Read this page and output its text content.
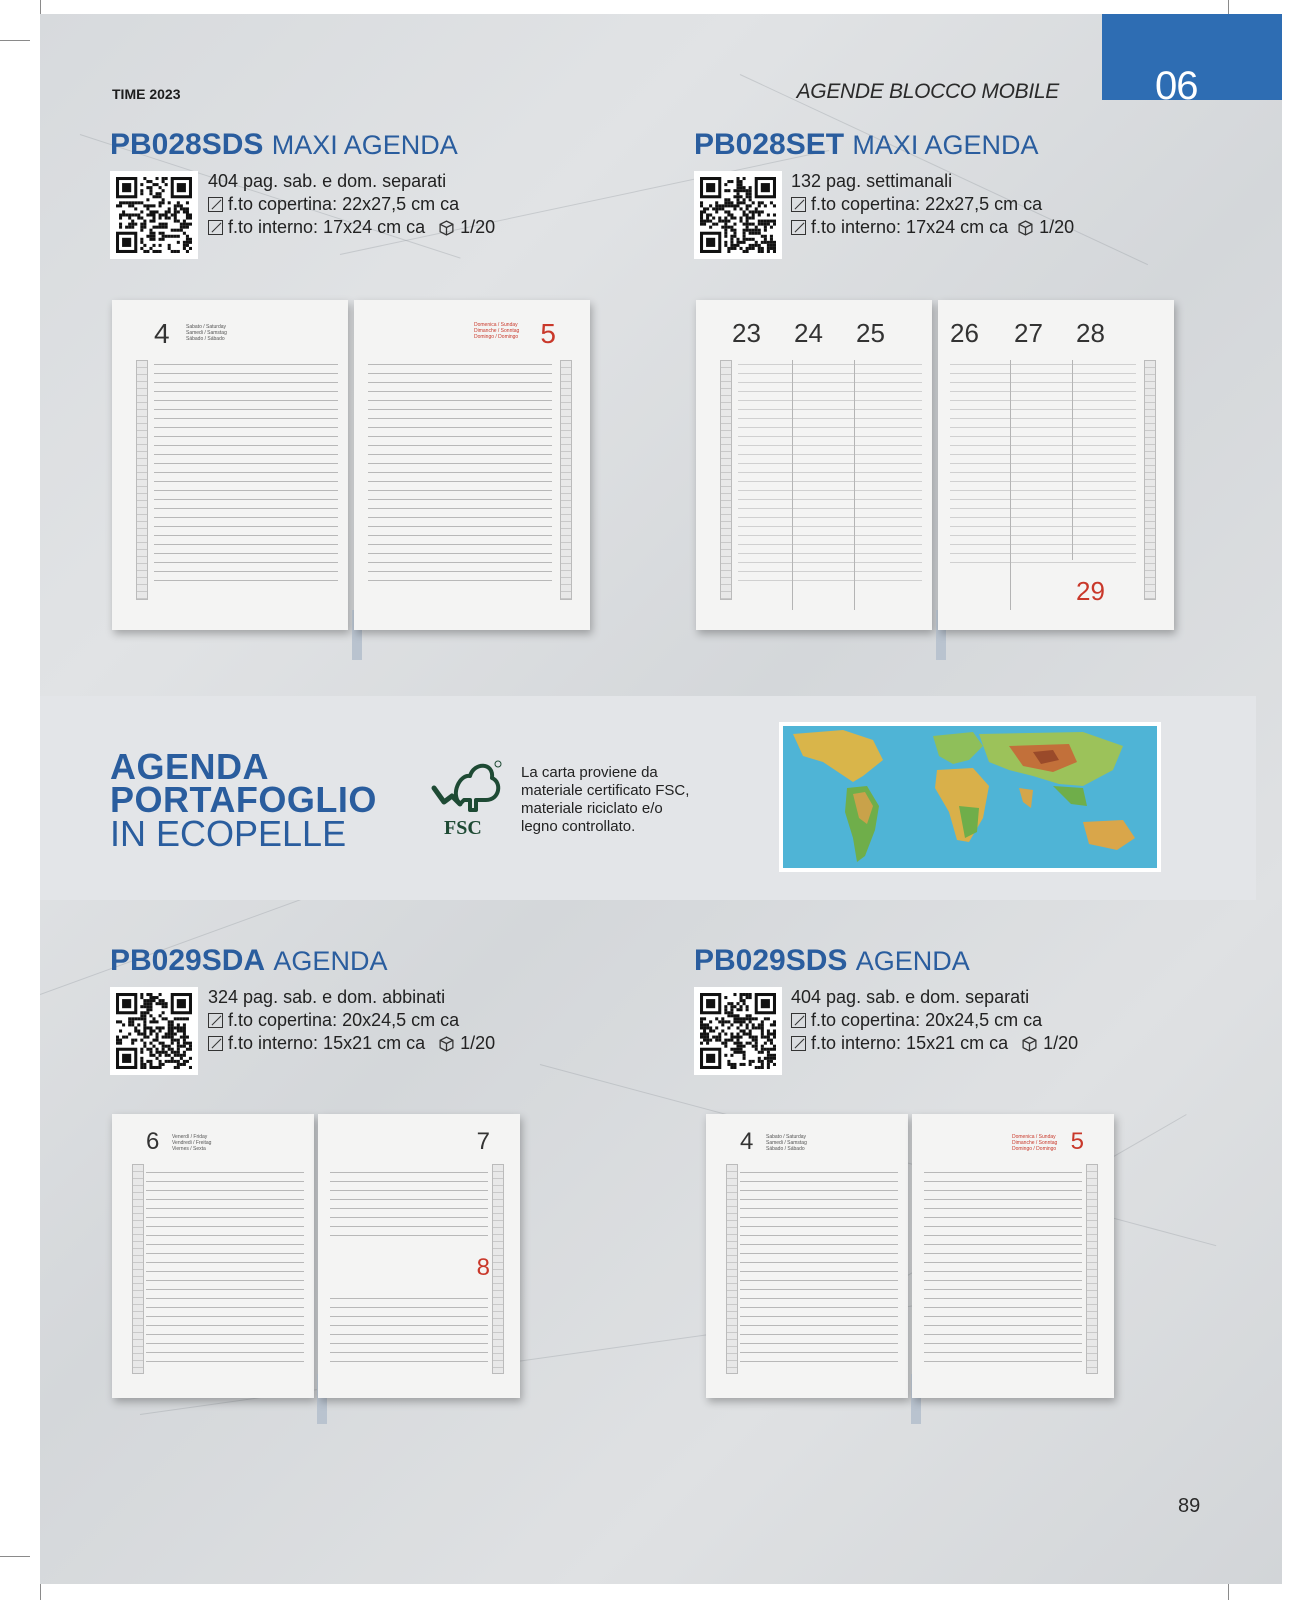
TIME 2023	AGENDE BLOCCO MOBILE 06
PB028SDS MAXI AGENDA
404 pag. sab. e dom. separati
f.to copertina: 22x27,5 cm ca
f.to interno: 17x24 cm ca 1/20
4	Sabato / Saturday
Samedi / Samstag
Sábado / Sábado	5
Domenica / Sunday
Dimanche / Sonntag
Domingo / Domingo
PB028SET MAXI AGENDA
132 pag. settimanali
f.to copertina: 22x27,5 cm ca
f.to interno: 17x24 cm ca 1/20
23 24 25	26 27 28
29
AGENDA
PORTAFOGLIO
IN ECOPELLE	FSC
La carta proviene da
materiale certificato FSC,
materiale riciclato e/o
legno controllato.
PB029SDA AGENDA
324 pag. sab. e dom. abbinati
f.to copertina: 20x24,5 cm ca
f.to interno: 15x21 cm ca 1/20
6	Venerdì / Friday
Vendredi / Freitag
Viernes / Sexta	7
8
PB029SDS AGENDA
404 pag. sab. e dom. separati
f.to copertina: 20x24,5 cm ca
f.to interno: 15x21 cm ca 1/20
4	Sabato / Saturday
Samedi / Samstag
Sábado / Sábado	5
Domenica / Sunday
Dimanche / Sonntag
Domingo / Domingo
89
